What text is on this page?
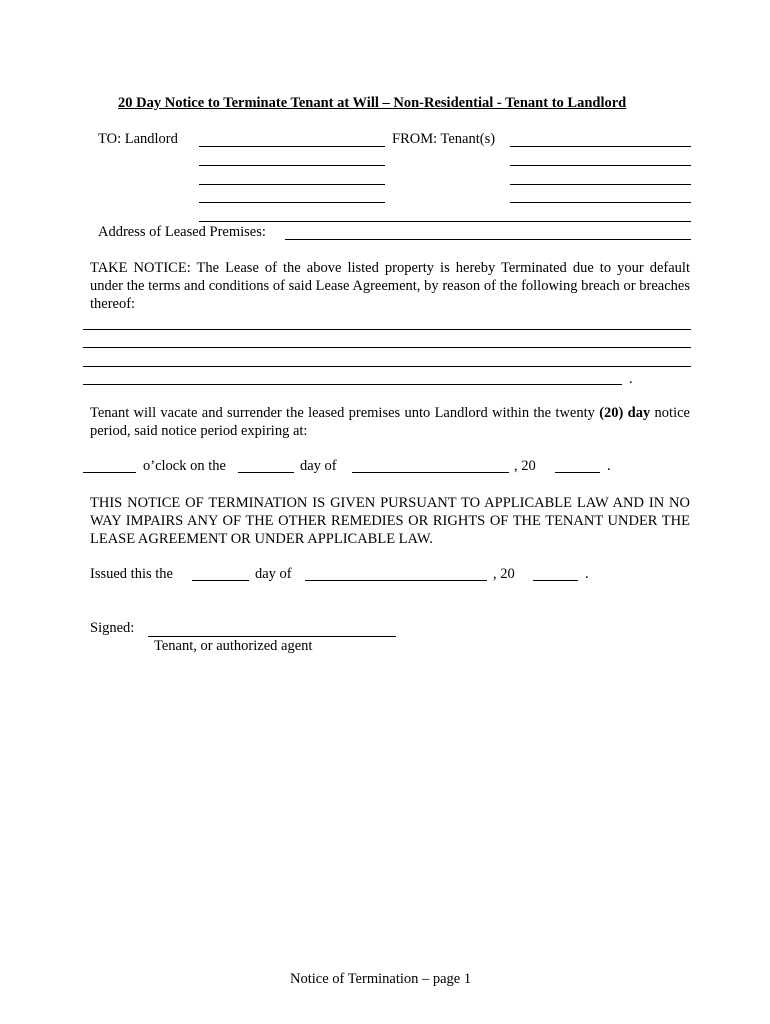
20 Day Notice to Terminate Tenant at Will – Non-Residential - Tenant to Landlord
TO: Landlord	FROM: Tenant(s)
Address of Leased Premises:
TAKE NOTICE: The Lease of the above listed property is hereby Terminated due to your default under the terms and conditions of said Lease Agreement, by reason of the following breach or breaches thereof:
.
Tenant will vacate and surrender the leased premises unto Landlord within the twenty (20) day notice period, said notice period expiring at:
o’clock on the	day of	, 20	.
THIS NOTICE OF TERMINATION IS GIVEN PURSUANT TO APPLICABLE LAW AND IN NO WAY IMPAIRS ANY OF THE OTHER REMEDIES OR RIGHTS OF THE TENANT UNDER THE LEASE AGREEMENT OR UNDER APPLICABLE LAW.
Issued this the	day of	, 20	.
Signed:
Tenant, or authorized agent
Notice of Termination – page 1
